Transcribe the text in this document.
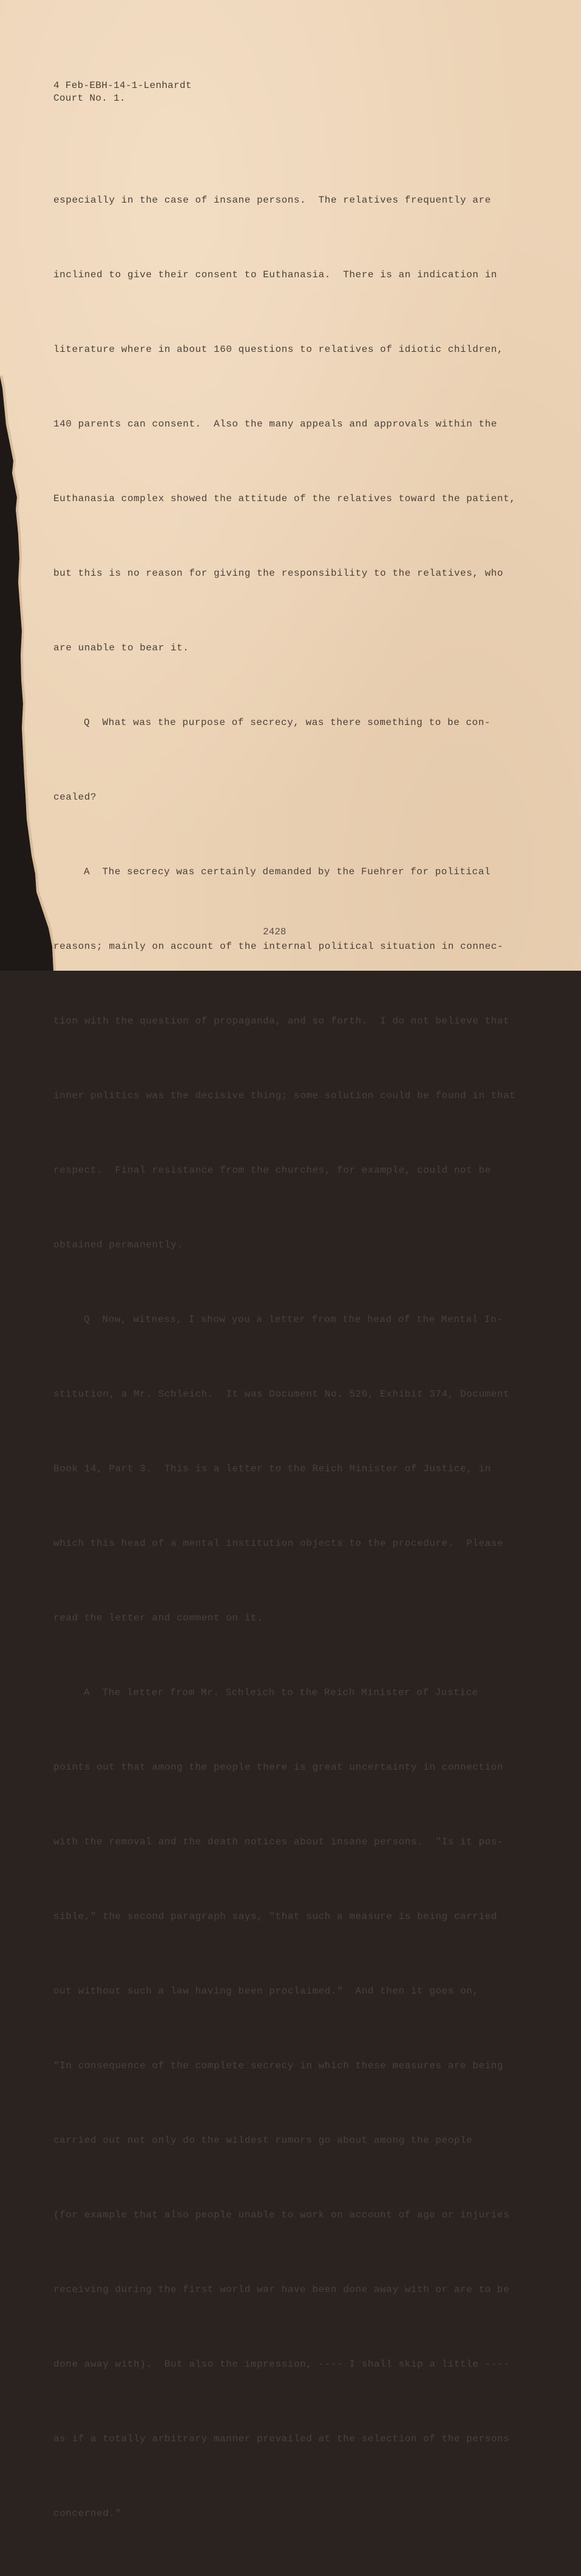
4 Feb-EBH-14-1-Lenhardt
Court No. 1.

especially in the case of insane persons.  The relatives frequently are

inclined to give their consent to Euthanasia.  There is an indication in

literature where in about 160 questions to relatives of idiotic children,

140 parents can consent.  Also the many appeals and approvals within the

Euthanasia complex showed the attitude of the relatives toward the patient,

but this is no reason for giving the responsibility to the relatives, who

are unable to bear it.

Q  What was the purpose of secrecy, was there something to be con-

cealed?

A  The secrecy was certainly demanded by the Fuehrer for political

reasons; mainly on account of the internal political situation in connec-

tion with the question of propaganda, and so forth.  I do not believe that

inner politics was the decisive thing; some solution could be found in that

respect.  Final resistance from the churches, for example, could not be

obtained permanently.

Q  Now, witness, I show you a letter from the head of the Mental In-

stitution, a Mr. Schleich.  It was Document No. 520, Exhibit 374, Document

Book 14, Part 3.  This is a letter to the Reich Minister of Justice, in

which this head of a mental institution objects to the procedure.  Please

read the letter and comment on it.

A  The letter from Mr. Schleich to the Reich Minister of Justice

points out that among the people there is great uncertainty in connection

with the removal and the death notices about insane persons.  "Is it pos-

sible," the second paragraph says, "that such a measure is being carried

out without such a law having been proclaimed."  And then it goes on,

"In consequence of the complete secrecy in which these measures are being

carried out not only do the wildest rumors go about among the people

(for example that also people unable to work on account of age or injuries

receiving during the first world war have been done away with or are to be

done away with).  But also the impression, ---- I shall skip a little ----

as if a totally arbitrary manner prevailed at the selection of the persons

concerned."

2428
